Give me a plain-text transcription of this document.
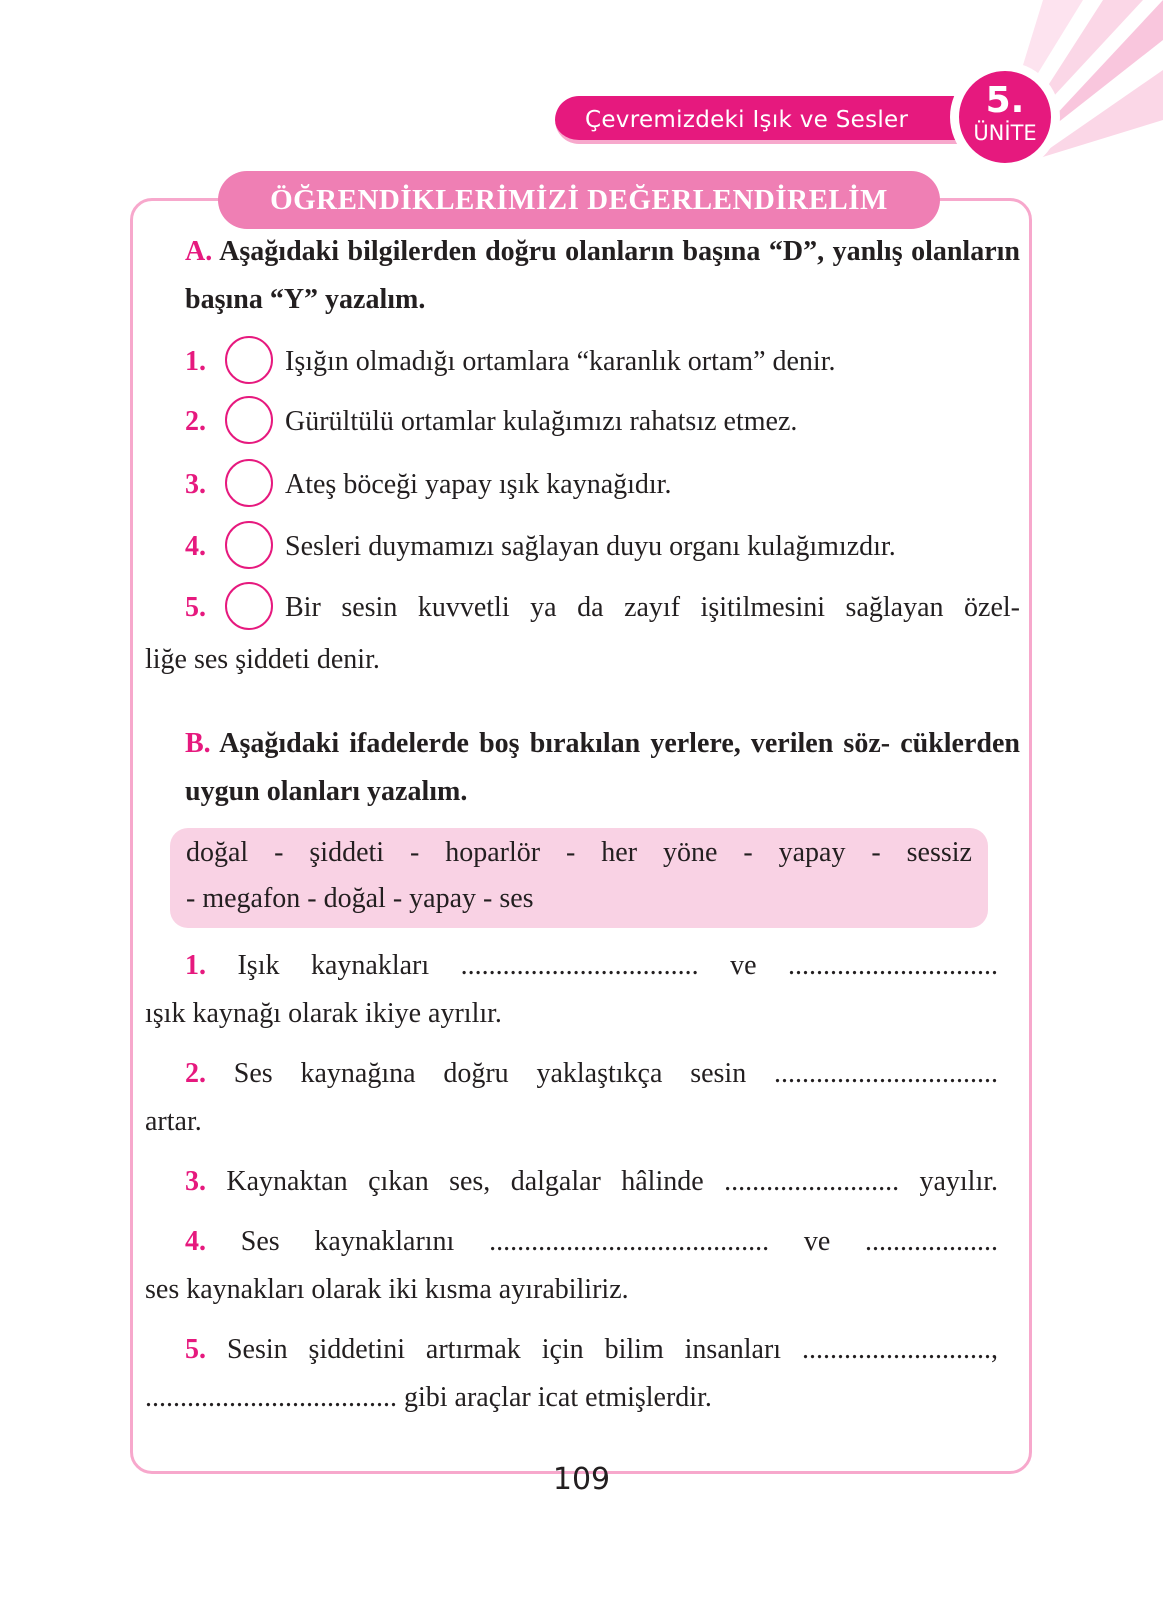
Çevremizdeki Işık ve Sesler	5.
ÜNİTE
ÖĞRENDİKLERİMİZİ DEĞERLENDİRELİM
A. Aşağıdaki bilgilerden doğru olanların başına “D”, yanlış olanların başına “Y” yazalım.
1.	Işığın olmadığı ortamlara “karanlık ortam” denir.
2.	Gürültülü ortamlar kulağımızı rahatsız etmez.
3.	Ateş böceği yapay ışık kaynağıdır.
4.	Sesleri duymamızı sağlayan duyu organı kulağımızdır.
5.	Bir sesin kuvvetli ya da zayıf işitilmesini sağlayan özel-
liğe ses şiddeti denir.
B. Aşağıdaki ifadelerde boş bırakılan yerlere, verilen söz- cüklerden uygun olanları yazalım.
doğal - şiddeti - hoparlör - her yöne - yapay - sessiz
- megafon - doğal - yapay - ses
1. Işık kaynakları .................................. ve ..............................
ışık kaynağı olarak ikiye ayrılır.
2. Ses kaynağına doğru yaklaştıkça sesin ................................
artar.
3. Kaynaktan çıkan ses, dalgalar hâlinde ......................... yayılır.
4. Ses kaynaklarını ........................................ ve ...................
ses kaynakları olarak iki kısma ayırabiliriz.
5. Sesin şiddetini artırmak için bilim insanları ...........................,
.................................... gibi araçlar icat etmişlerdir.
109
